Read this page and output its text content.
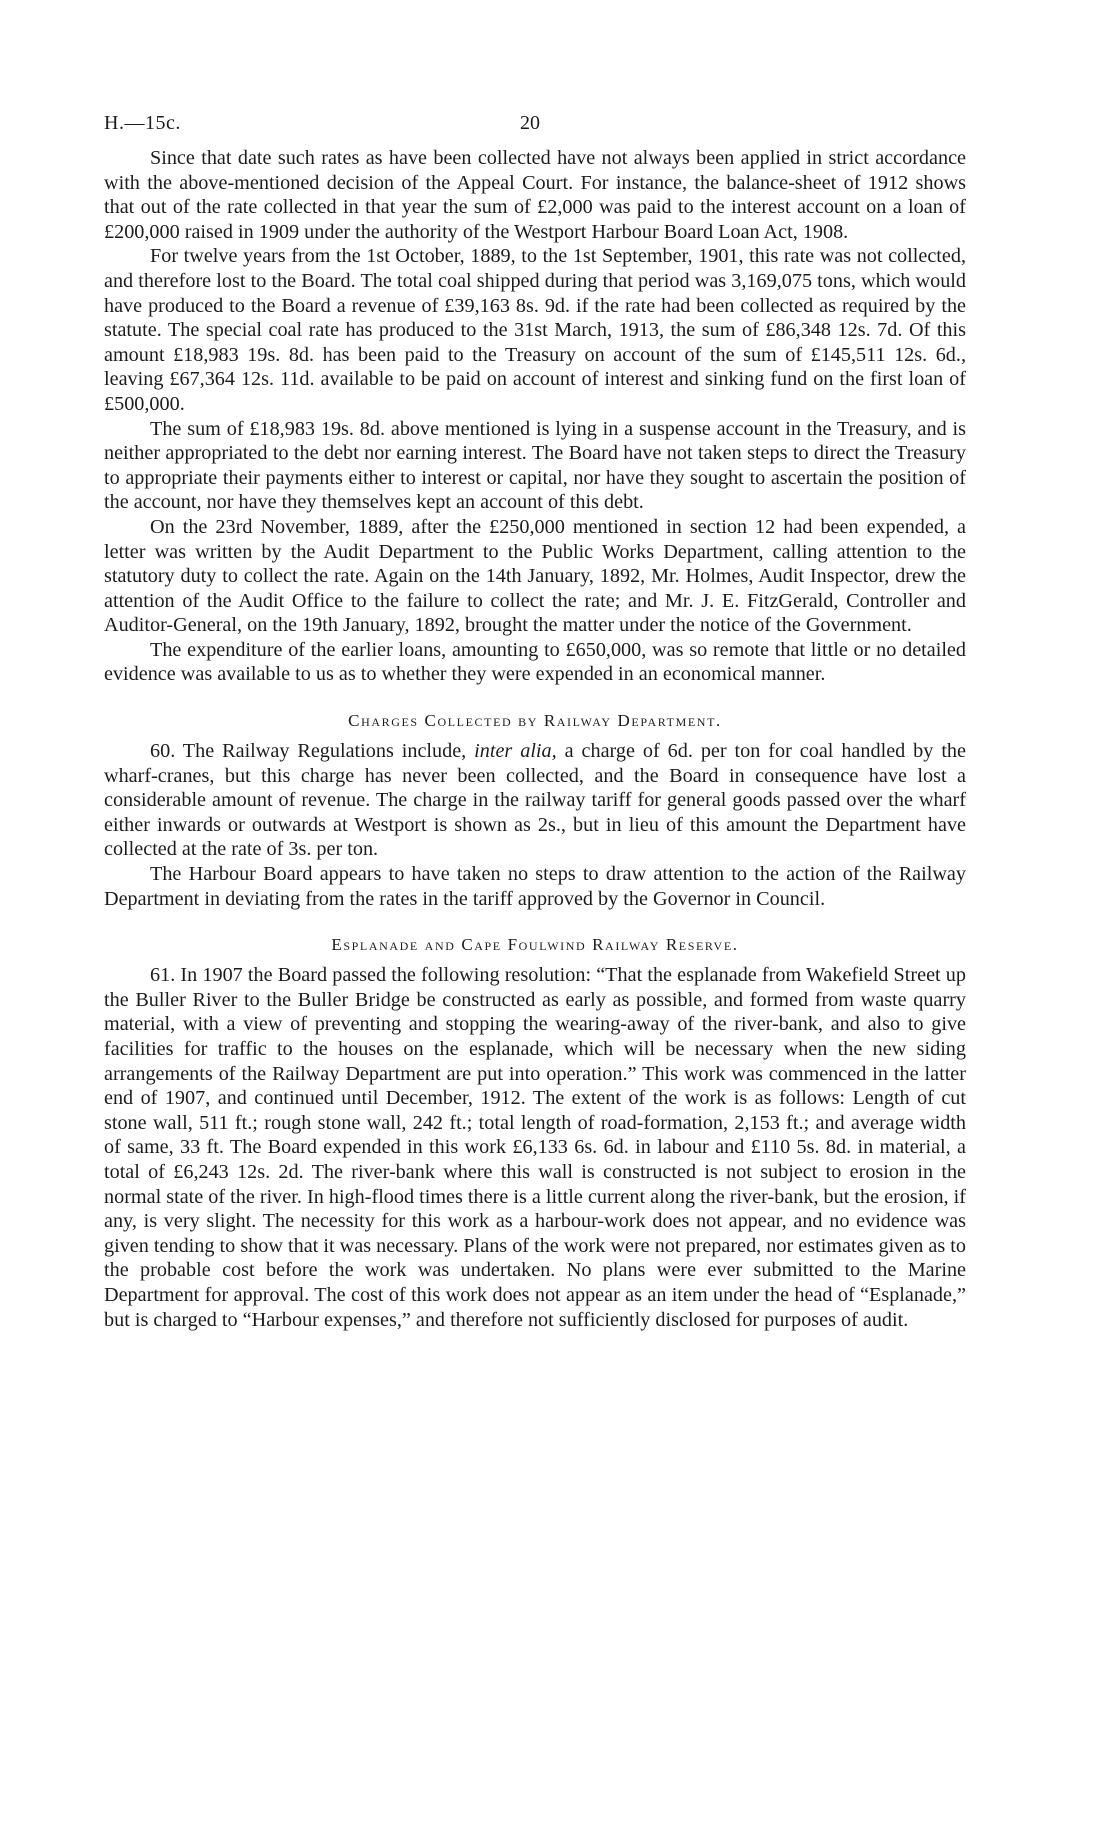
H.—15c.	20

Since that date such rates as have been collected have not always been applied in strict accordance with the above-mentioned decision of the Appeal Court. For instance, the balance-sheet of 1912 shows that out of the rate collected in that year the sum of £2,000 was paid to the interest account on a loan of £200,000 raised in 1909 under the authority of the Westport Harbour Board Loan Act, 1908.

For twelve years from the 1st October, 1889, to the 1st September, 1901, this rate was not collected, and therefore lost to the Board. The total coal shipped during that period was 3,169,075 tons, which would have produced to the Board a revenue of £39,163 8s. 9d. if the rate had been collected as required by the statute. The special coal rate has produced to the 31st March, 1913, the sum of £86,348 12s. 7d. Of this amount £18,983 19s. 8d. has been paid to the Treasury on account of the sum of £145,511 12s. 6d., leaving £67,364 12s. 11d. available to be paid on account of interest and sinking fund on the first loan of £500,000.

The sum of £18,983 19s. 8d. above mentioned is lying in a suspense account in the Treasury, and is neither appropriated to the debt nor earning interest. The Board have not taken steps to direct the Treasury to appropriate their payments either to interest or capital, nor have they sought to ascertain the position of the account, nor have they themselves kept an account of this debt.

On the 23rd November, 1889, after the £250,000 mentioned in section 12 had been expended, a letter was written by the Audit Department to the Public Works Department, calling attention to the statutory duty to collect the rate. Again on the 14th January, 1892, Mr. Holmes, Audit Inspector, drew the attention of the Audit Office to the failure to collect the rate; and Mr. J. E. FitzGerald, Controller and Auditor-General, on the 19th January, 1892, brought the matter under the notice of the Government.

The expenditure of the earlier loans, amounting to £650,000, was so remote that little or no detailed evidence was available to us as to whether they were expended in an economical manner.

Charges Collected by Railway Department.

60. The Railway Regulations include, inter alia, a charge of 6d. per ton for coal handled by the wharf-cranes, but this charge has never been collected, and the Board in consequence have lost a considerable amount of revenue. The charge in the railway tariff for general goods passed over the wharf either inwards or outwards at Westport is shown as 2s., but in lieu of this amount the Department have collected at the rate of 3s. per ton.

The Harbour Board appears to have taken no steps to draw attention to the action of the Railway Department in deviating from the rates in the tariff approved by the Governor in Council.

Esplanade and Cape Foulwind Railway Reserve.

61. In 1907 the Board passed the following resolution: “That the esplanade from Wakefield Street up the Buller River to the Buller Bridge be constructed as early as possible, and formed from waste quarry material, with a view of preventing and stopping the wearing-away of the river-bank, and also to give facilities for traffic to the houses on the esplanade, which will be necessary when the new siding arrangements of the Railway Department are put into operation.” This work was commenced in the latter end of 1907, and continued until December, 1912. The extent of the work is as follows: Length of cut stone wall, 511 ft.; rough stone wall, 242 ft.; total length of road-formation, 2,153 ft.; and average width of same, 33 ft. The Board expended in this work £6,133 6s. 6d. in labour and £110 5s. 8d. in material, a total of £6,243 12s. 2d. The river-bank where this wall is constructed is not subject to erosion in the normal state of the river. In high-flood times there is a little current along the river-bank, but the erosion, if any, is very slight. The necessity for this work as a harbour-work does not appear, and no evidence was given tending to show that it was necessary. Plans of the work were not prepared, nor estimates given as to the probable cost before the work was undertaken. No plans were ever submitted to the Marine Department for approval. The cost of this work does not appear as an item under the head of “Esplanade,” but is charged to “Harbour expenses,” and therefore not sufficiently disclosed for purposes of audit.
